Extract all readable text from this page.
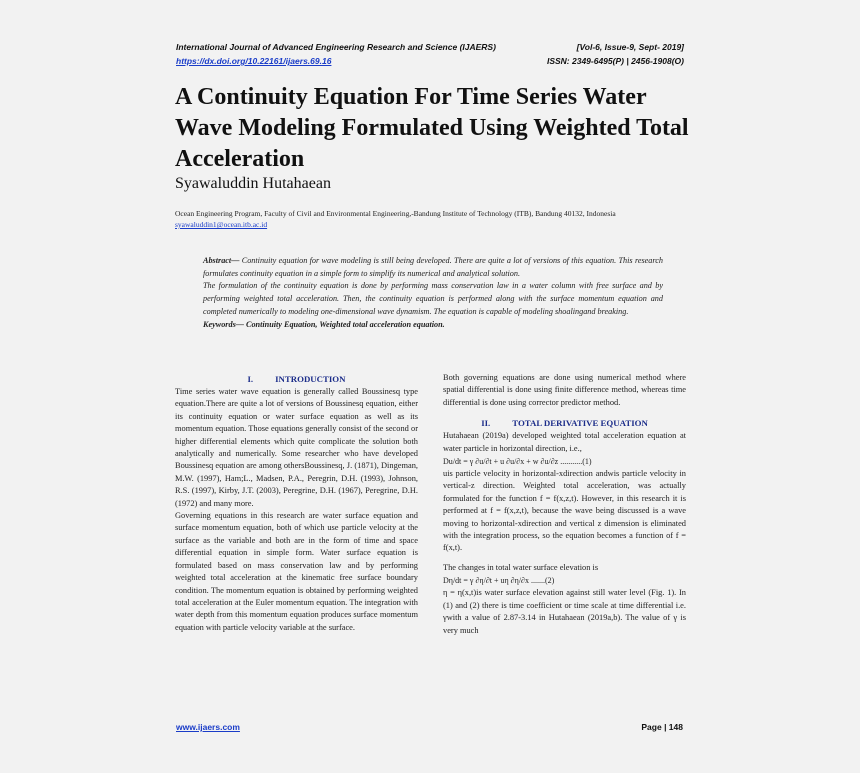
International Journal of Advanced Engineering Research and Science (IJAERS)
https://dx.doi.org/10.22161/ijaers.69.16
[Vol-6, Issue-9, Sept- 2019]
ISSN: 2349-6495(P) | 2456-1908(O)
A Continuity Equation For Time Series Water Wave Modeling Formulated Using Weighted Total Acceleration
Syawaluddin Hutahaean
Ocean Engineering Program, Faculty of Civil and Environmental Engineering,-Bandung Institute of Technology (ITB), Bandung 40132, Indonesia
syawaluddin1@ocean.itb.ac.id

Abstract— Continuity equation for wave modeling is still being developed. There are quite a lot of versions of this equation. This research formulates continuity equation in a simple form to simplify its numerical and analytical solution.

The formulation of the continuity equation is done by performing mass conservation law in a water column with free surface and by performing weighted total acceleration. Then, the continuity equation is performed along with the surface momentum equation and completed numerically to modeling one-dimensional wave dynamism. The equation is capable of modeling shoalingand breaking.

Keywords— Continuity Equation, Weighted total acceleration equation.

I.	INTRODUCTION

Time series water wave equation is generally called Boussinesq type equation.There are quite a lot of versions of Boussinesq equation, either its continuity equation or water surface equation as well as its momentum equation. Those equations generally consist of the second or higher differential elements which quite complicate the solution both analytically and numerically. Some researcher who have developed Boussinesq equation are among othersBoussinesq, J. (1871), Dingeman, M.W. (1997), Ham;L., Madsen, P.A., Peregrin, D.H. (1993), Johnson, R.S. (1997), Kirby, J.T. (2003), Peregrine, D.H. (1967), Peregrine, D.H. (1972) and many more.

Governing equations in this research are water surface equation and surface momentum equation, both of which use particle velocity at the surface as the variable and both are in the form of time and space differential equation in simple form. Water surface equation is formulated based on mass conservation law and by performing weighted total acceleration at the kinematic free surface boundary condition. The momentum equation is obtained by performing weighted total acceleration at the Euler momentum equation. The integration with water depth from this momentum equation produces surface momentum equation with particle velocity variable at the surface.

Both governing equations are done using numerical method where spatial differential is done using finite difference method, whereas time differential is done using corrector predictor method.

II.	TOTAL DERIVATIVE EQUATION

Hutahaean (2019a) developed weighted total acceleration equation at water particle in horizontal direction, i.e.,

Du/dt = γ ∂u/∂t + u ∂u/∂x + w ∂u/∂z ...........(1)

uis particle velocity in horizontal-xdirection andwis particle velocity in vertical-z direction. Weighted total acceleration, was actually formulated for the function f = f(x,z,t). However, in this research it is performed at f = f(x,z,t), because the wave being discussed is a wave moving to horizontal-xdirection and vertical z dimension is eliminated with the integration process, so the equation becomes a function of f = f(x,t).

The changes in total water surface elevation is

Dη/dt = γ ∂η/∂t + uη ∂η/∂x .......(2)

η = η(x,t)is water surface elevation against still water level (Fig. 1). In (1) and (2) there is time coefficient or time scale at time differential i.e. γwith a value of 2.87-3.14 in Hutahaean (2019a,b). The value of γ is very much

www.ijaers.com	Page | 148
